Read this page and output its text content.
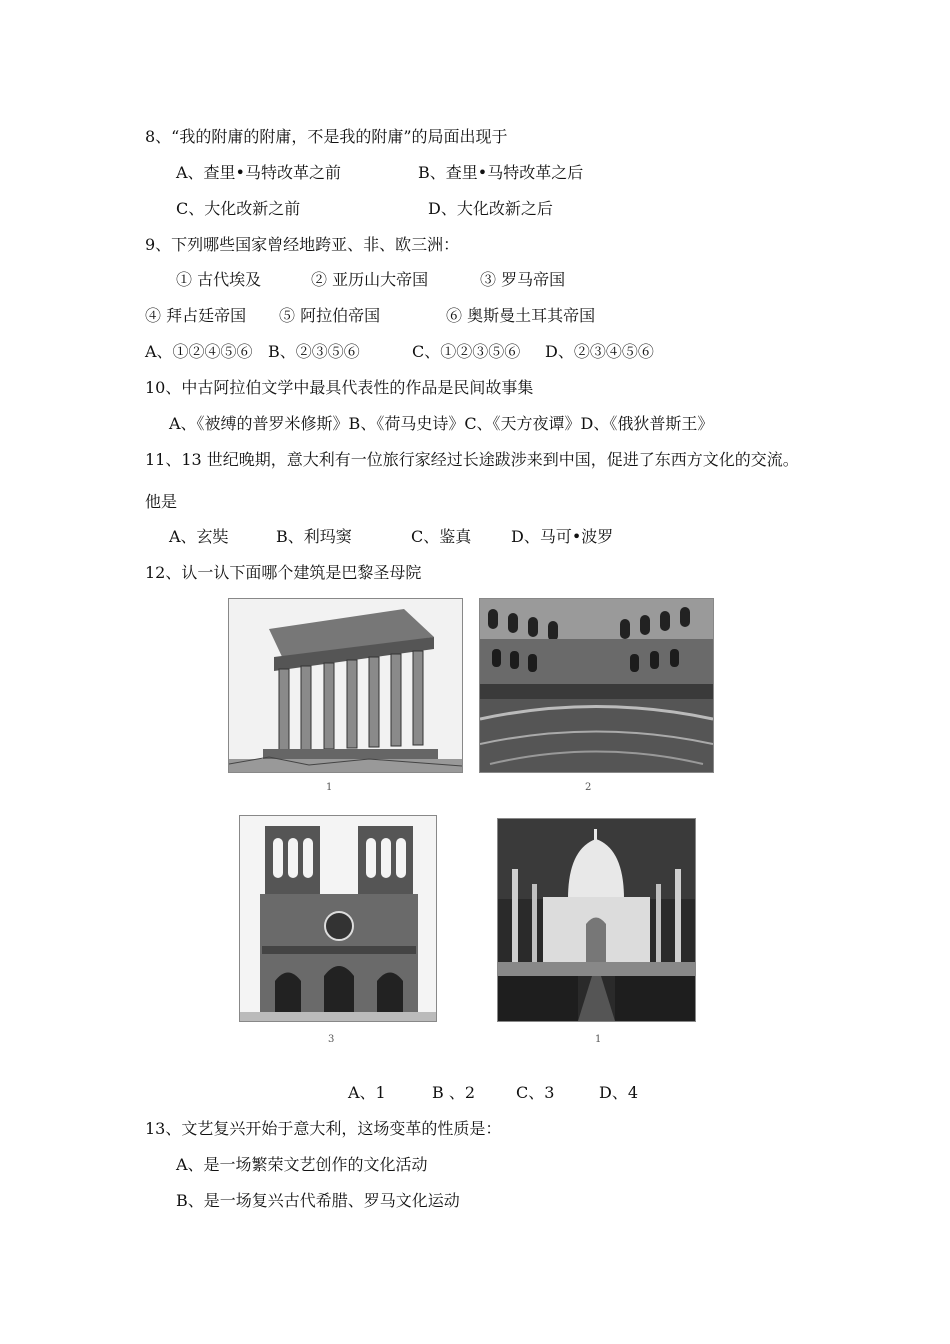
8、“我的附庸的附庸，不是我的附庸”的局面出现于
A、查里•马特改革之前	B、查里•马特改革之后
C、大化改新之前	D、大化改新之后
9、下列哪些国家曾经地跨亚、非、欧三洲：
① 古代埃及	② 亚历山大帝国	③ 罗马帝国
④ 拜占廷帝国 ⑤ 阿拉伯帝国	⑥ 奥斯曼土耳其帝国
A、①②④⑤⑥ B、②③⑤⑥	C、①②③⑤⑥ D、②③④⑤⑥
10、中古阿拉伯文学中最具代表性的作品是民间故事集
A、《被缚的普罗米修斯》B、《荷马史诗》C、《天方夜谭》D、《俄狄普斯王》
11、13 世纪晚期，意大利有一位旅行家经过长途跋涉来到中国，促进了东西方文化的交流。
他是
A、玄奘	B、利玛窦	C、鉴真 D、马可•波罗
12、认一认下面哪个建筑是巴黎圣母院
1	2
3	1
A、1	B 、2	C、3	D、4
13、文艺复兴开始于意大利，这场变革的性质是：
A、是一场繁荣文艺创作的文化活动
B、是一场复兴古代希腊、罗马文化运动
